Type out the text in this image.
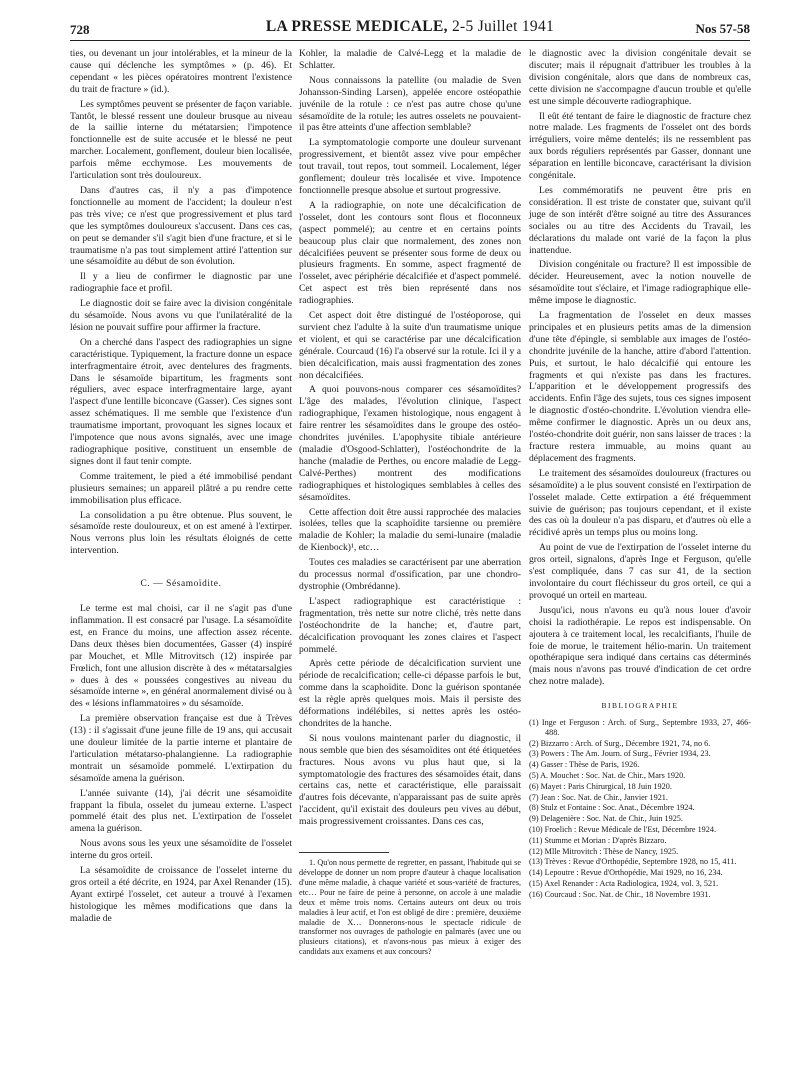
728	LA PRESSE MEDICALE, 2-5 Juillet 1941	Nos 57-58

ties, ou devenant un jour intolérables, et la mineur de la cause qui déclenche les symptômes » (p. 46). Et cependant « les pièces opératoires montrent l'existence du trait de fracture » (id.).

Les symptômes peuvent se présenter de façon variable. Tantôt, le blessé ressent une douleur brusque au niveau de la saillie interne du métatarsien; l'impotence fonctionnelle est de suite accusée et le blessé ne peut marcher. Localement, gonflement, douleur bien localisée, parfois même ecchymose. Les mouvements de l'articulation sont très douloureux.

Dans d'autres cas, il n'y a pas d'impotence fonctionnelle au moment de l'accident; la douleur n'est pas très vive; ce n'est que progressivement et plus tard que les symptômes douloureux s'accusent. Dans ces cas, on peut se demander s'il s'agit bien d'une fracture, et si le traumatisme n'a pas tout simplement attiré l'attention sur une sésamoïdite au début de son évolution.

Il y a lieu de confirmer le diagnostic par une radiographie face et profil.

Le diagnostic doit se faire avec la division congénitale du sésamoïde. Nous avons vu que l'unilatéralité de la lésion ne pouvait suffire pour affirmer la fracture.

On a cherché dans l'aspect des radiographies un signe caractéristique. Typiquement, la fracture donne un espace interfragmentaire étroit, avec dentelures des fragments. Dans le sésamoïde bipartitum, les fragments sont réguliers, avec espace interfragmentaire large, ayant l'aspect d'une lentille biconcave (Gasser). Ces signes sont assez schématiques. Il me semble que l'existence d'un traumatisme important, provoquant les signes locaux et l'impotence que nous avons signalés, avec une image radiographique positive, constituent un ensemble de signes dont il faut tenir compte.

Comme traitement, le pied a été immobilisé pendant plusieurs semaines; un appareil plâtré a pu rendre cette immobilisation plus efficace.

La consolidation a pu être obtenue. Plus souvent, le sésamoïde reste douloureux, et on est amené à l'extirper. Nous verrons plus loin les résultats éloignés de cette intervention.

C. — Sésamoïdite.

Le terme est mal choisi, car il ne s'agit pas d'une inflammation. Il est consacré par l'usage. La sésamoïdite est, en France du moins, une affection assez récente. Dans deux thèses bien documentées, Gasser (4) inspiré par Mouchet, et Mlle Mitrovitsch (12) inspirée par Frœlich, font une allusion discrète à des « métatarsalgies » dues à des « poussées congestives au niveau du sésamoïde interne », en général anormalement divisé ou à des « lésions inflammatoires » du sésamoïde.

La première observation française est due à Trèves (13) : il s'agissait d'une jeune fille de 19 ans, qui accusait une douleur limitée de la partie interne et plantaire de l'articulation métatarso-phalangienne. La radiographie montrait un sésamoïde pommelé. L'extirpation du sésamoïde amena la guérison.

L'année suivante (14), j'ai décrit une sésamoïdite frappant la fibula, osselet du jumeau externe. L'aspect pommelé était des plus net. L'extirpation de l'osselet amena la guérison.

Nous avons sous les yeux une sésamoïdite de l'osselet interne du gros orteil.

La sésamoïdite de croissance de l'osselet interne du gros orteil a été décrite, en 1924, par Axel Renander (15). Ayant extirpé l'osselet, cet auteur a trouvé à l'examen histologique les mêmes modifications que dans la maladie de

Kohler, la maladie de Calvé-Legg et la maladie de Schlatter.

Nous connaissons la patellite (ou maladie de Sven Johansson-Sinding Larsen), appelée encore ostéopathie juvénile de la rotule : ce n'est pas autre chose qu'une sésamoïdite de la rotule; les autres osselets ne pouvaient-il pas être atteints d'une affection semblable?

La symptomatologie comporte une douleur survenant progressivement, et bientôt assez vive pour empêcher tout travail, tout repos, tout sommeil. Localement, léger gonflement; douleur très localisée et vive. Impotence fonctionnelle presque absolue et surtout progressive.

A la radiographie, on note une décalcification de l'osselet, dont les contours sont flous et floconneux (aspect pommelé); au centre et en certains points beaucoup plus clair que normalement, des zones non décalcifiées peuvent se présenter sous forme de deux ou plusieurs fragments. En somme, aspect fragmenté de l'osselet, avec périphérie décalcifiée et d'aspect pommelé. Cet aspect est très bien représenté dans nos radiographies.

Cet aspect doit être distingué de l'ostéoporose, qui survient chez l'adulte à la suite d'un traumatisme unique et violent, et qui se caractérise par une décalcification générale. Courcaud (16) l'a observé sur la rotule. Ici il y a bien décalcification, mais aussi fragmentation des zones non décalcifiées.

A quoi pouvons-nous comparer ces sésamoïdites? L'âge des malades, l'évolution clinique, l'aspect radiographique, l'examen histologique, nous engagent à faire rentrer les sésamoïdites dans le groupe des ostéo-chondrites juvéniles. L'apophysite tibiale antérieure (maladie d'Osgood-Schlatter), l'ostéochondrite de la hanche (maladie de Perthes, ou encore maladie de Legg-Calvé-Perthes) montrent des modifications radiographiques et histologiques semblables à celles des sésamoïdites.

Cette affection doit être aussi rapprochée des malacies isolées, telles que la scaphoïdite tarsienne ou première maladie de Kohler; la maladie du semi-lunaire (maladie de Kienbock)¹, etc…

Toutes ces maladies se caractérisent par une aberration du processus normal d'ossification, par une chondro-dystrophie (Ombrédanne).

L'aspect radiographique est caractéristique : fragmentation, très nette sur notre cliché, très nette dans l'ostéochondrite de la hanche; et, d'autre part, décalcification provoquant les zones claires et l'aspect pommelé.

Après cette période de décalcification survient une période de recalcification; celle-ci dépasse parfois le but, comme dans la scaphoïdite. Donc la guérison spontanée est la règle après quelques mois. Mais il persiste des déformations indélébiles, si nettes après les ostéo-chondrites de la hanche.

Si nous voulons maintenant parler du diagnostic, il nous semble que bien des sésamoïdites ont été étiquetées fractures. Nous avons vu plus haut que, si la symptomatologie des fractures des sésamoïdes était, dans certains cas, nette et caractéristique, elle paraissait d'autres fois décevante, n'apparaissant pas de suite après l'accident, qu'il existait des douleurs peu vives au début, mais progressivement croissantes. Dans ces cas,

1. Qu'on nous permette de regretter, en passant, l'habitude qui se développe de donner un nom propre d'auteur à chaque localisation d'une même maladie, à chaque variété et sous-variété de fractures, etc… Pour ne faire de peine à personne, on accole à une maladie deux et même trois noms. Certains auteurs ont deux ou trois maladies à leur actif, et l'on est obligé de dire : première, deuxième maladie de X… Donnerons-nous le spectacle ridicule de transformer nos ouvrages de pathologie en palmarès (avec une ou plusieurs citations), et n'avons-nous pas mieux à exiger des candidats aux examens et aux concours?

le diagnostic avec la division congénitale devait se discuter; mais il répugnait d'attribuer les troubles à la division congénitale, alors que dans de nombreux cas, cette division ne s'accompagne d'aucun trouble et qu'elle est une simple découverte radiographique.

Il eût été tentant de faire le diagnostic de fracture chez notre malade. Les fragments de l'osselet ont des bords irréguliers, voire même dentelés; ils ne ressemblent pas aux bords réguliers représentés par Gasser, donnant une séparation en lentille biconcave, caractérisant la division congénitale.

Les commémoratifs ne peuvent être pris en considération. Il est triste de constater que, suivant qu'il juge de son intérêt d'être soigné au titre des Assurances sociales ou au titre des Accidents du Travail, les déclarations du malade ont varié de la façon la plus inattendue.

Division congénitale ou fracture? Il est impossible de décider. Heureusement, avec la notion nouvelle de sésamoïdite tout s'éclaire, et l'image radiographique elle-même impose le diagnostic.

La fragmentation de l'osselet en deux masses principales et en plusieurs petits amas de la dimension d'une tête d'épingle, si semblable aux images de l'ostéo-chondrite juvénile de la hanche, attire d'abord l'attention. Puis, et surtout, le halo décalcifié qui entoure les fragments et qui n'existe pas dans les fractures. L'apparition et le développement progressifs des accidents. Enfin l'âge des sujets, tous ces signes imposent le diagnostic d'ostéo-chondrite. L'évolution viendra elle-même confirmer le diagnostic. Après un ou deux ans, l'ostéo-chondrite doit guérir, non sans laisser de traces : la fracture restera immuable, au moins quant au déplacement des fragments.

Le traitement des sésamoïdes douloureux (fractures ou sésamoïdite) a le plus souvent consisté en l'extirpation de l'osselet malade. Cette extirpation a été fréquemment suivie de guérison; pas toujours cependant, et il existe des cas où la douleur n'a pas disparu, et d'autres où elle a récidivé après un temps plus ou moins long.

Au point de vue de l'extirpation de l'osselet interne du gros orteil, signalons, d'après Inge et Ferguson, qu'elle s'est compliquée, dans 7 cas sur 41, de la section involontaire du court fléchisseur du gros orteil, ce qui a provoqué un orteil en marteau.

Jusqu'ici, nous n'avons eu qu'à nous louer d'avoir choisi la radiothérapie. Le repos est indispensable. On ajoutera à ce traitement local, les recalcifiants, l'huile de foie de morue, le traitement hélio-marin. Un traitement opothérapique sera indiqué dans certains cas déterminés (mais nous n'avons pas trouvé d'indication de cet ordre chez notre malade).

BIBLIOGRAPHIE
(1) Inge et Ferguson : Arch. of Surg., Septembre 1933, 27, 466-488.
(2) Bizzarro : Arch. of Surg., Décembre 1921, 74, no 6.
(3) Powers : The Am. Journ. of Surg., Février 1934, 23.
(4) Gasser : Thèse de Paris, 1926.
(5) A. Mouchet : Soc. Nat. de Chir., Mars 1920.
(6) Mayet : Paris Chirurgical, 18 Juin 1920.
(7) Jean : Soc. Nat. de Chir., Janvier 1921.
(8) Stulz et Fontaine : Soc. Anat., Décembre 1924.
(9) Delagenière : Soc. Nat. de Chir., Juin 1925.
(10) Froelich : Revue Médicale de l'Est, Décembre 1924.
(11) Stumme et Morian : D'après Bizzaro.
(12) Mlle Mitrovitch : Thèse de Nancy, 1925.
(13) Trèves : Revue d'Orthopédie, Septembre 1928, no 15, 411.
(14) Lepoutre : Revue d'Orthopédie, Mai 1929, no 16, 234.
(15) Axel Renander : Acta Radiologica, 1924, vol. 3, 521.
(16) Courcaud : Soc. Nat. de Chir., 18 Novembre 1931.
